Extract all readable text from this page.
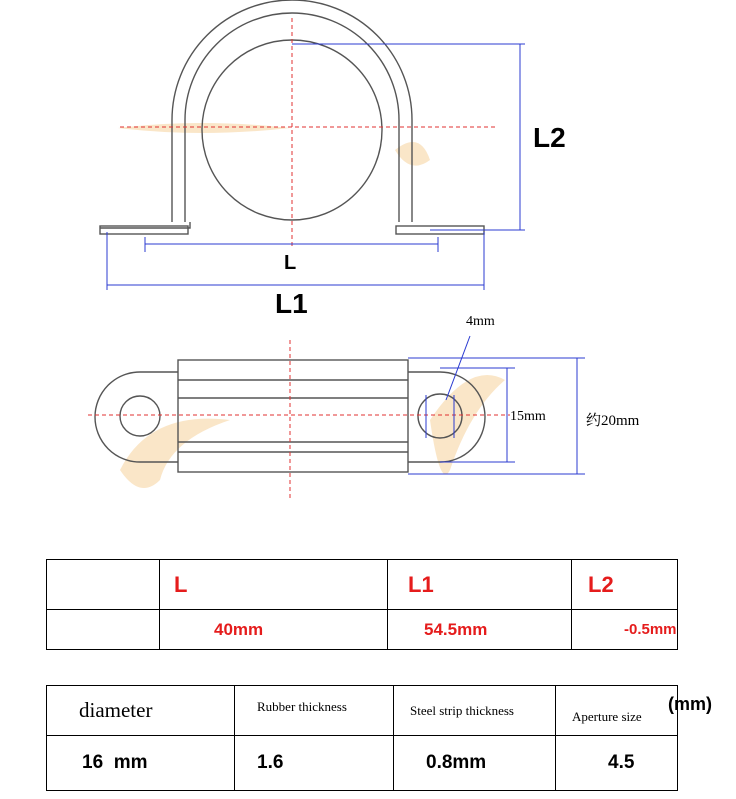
L2
L
L1
4mm
15mm	约20mm
	L	L1	L2
	40mm	54.5mm	-0.5mm
diameter	Rubber thickness	Steel strip thickness	$_{Aperture size}$
(mm)

16  mm	1.6	0.8mm	4.5
